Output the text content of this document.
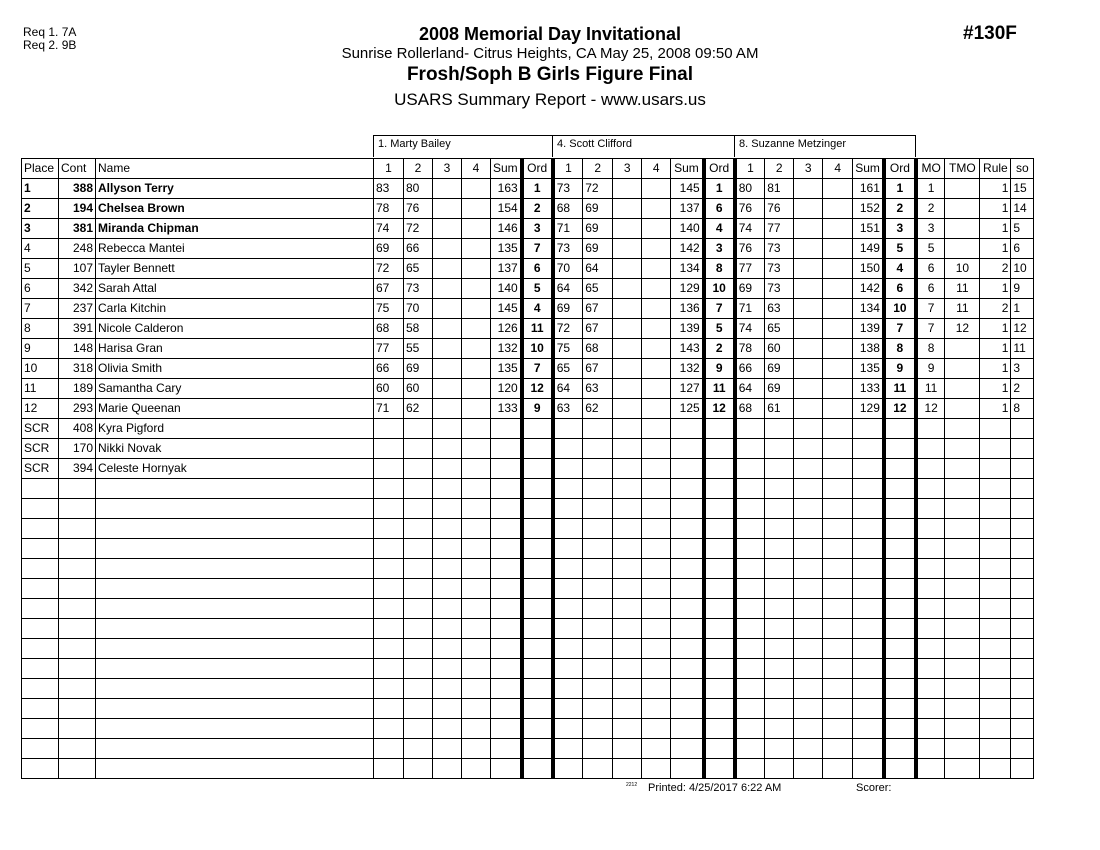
Req 1. 7A
Req 2. 9B
2008 Memorial Day Invitational
Sunrise Rollerland- Citrus Heights, CA May 25, 2008 09:50 AM
Frosh/Soph B Girls Figure Final
USARS Summary Report - www.usars.us
#130F
1. Marty Bailey	4. Scott Clifford	8. Suzanne Metzinger
Place	Cont	Name	1	2	3	4	Sum	Ord	1	2	3	4	Sum	Ord	1	2	3	4	Sum	Ord	MO	TMO	Rule	so
1	388	Allyson Terry	83	80			163	1	73	72			145	1	80	81			161	1	1		1	15
2	194	Chelsea Brown	78	76			154	2	68	69			137	6	76	76			152	2	2		1	14
3	381	Miranda Chipman	74	72			146	3	71	69			140	4	74	77			151	3	3		1	5
4	248	Rebecca Mantei	69	66			135	7	73	69			142	3	76	73			149	5	5		1	6
5	107	Tayler Bennett	72	65			137	6	70	64			134	8	77	73			150	4	6	10	2	10
6	342	Sarah Attal	67	73			140	5	64	65			129	10	69	73			142	6	6	11	1	9
7	237	Carla Kitchin	75	70			145	4	69	67			136	7	71	63			134	10	7	11	2	1
8	391	Nicole Calderon	68	58			126	11	72	67			139	5	74	65			139	7	7	12	1	12
9	148	Harisa Gran	77	55			132	10	75	68			143	2	78	60			138	8	8		1	11
10	318	Olivia Smith	66	69			135	7	65	67			132	9	66	69			135	9	9		1	3
11	189	Samantha Cary	60	60			120	12	64	63			127	11	64	69			133	11	11		1	2
12	293	Marie Queenan	71	62			133	9	63	62			125	12	68	61			129	12	12		1	8
SCR	408	Kyra Pigford																						
SCR	170	Nikki Novak																						
SCR	394	Celeste Hornyak																						

$^{2212}$ Printed: 4/25/2017 6:22 AM	Scorer:
